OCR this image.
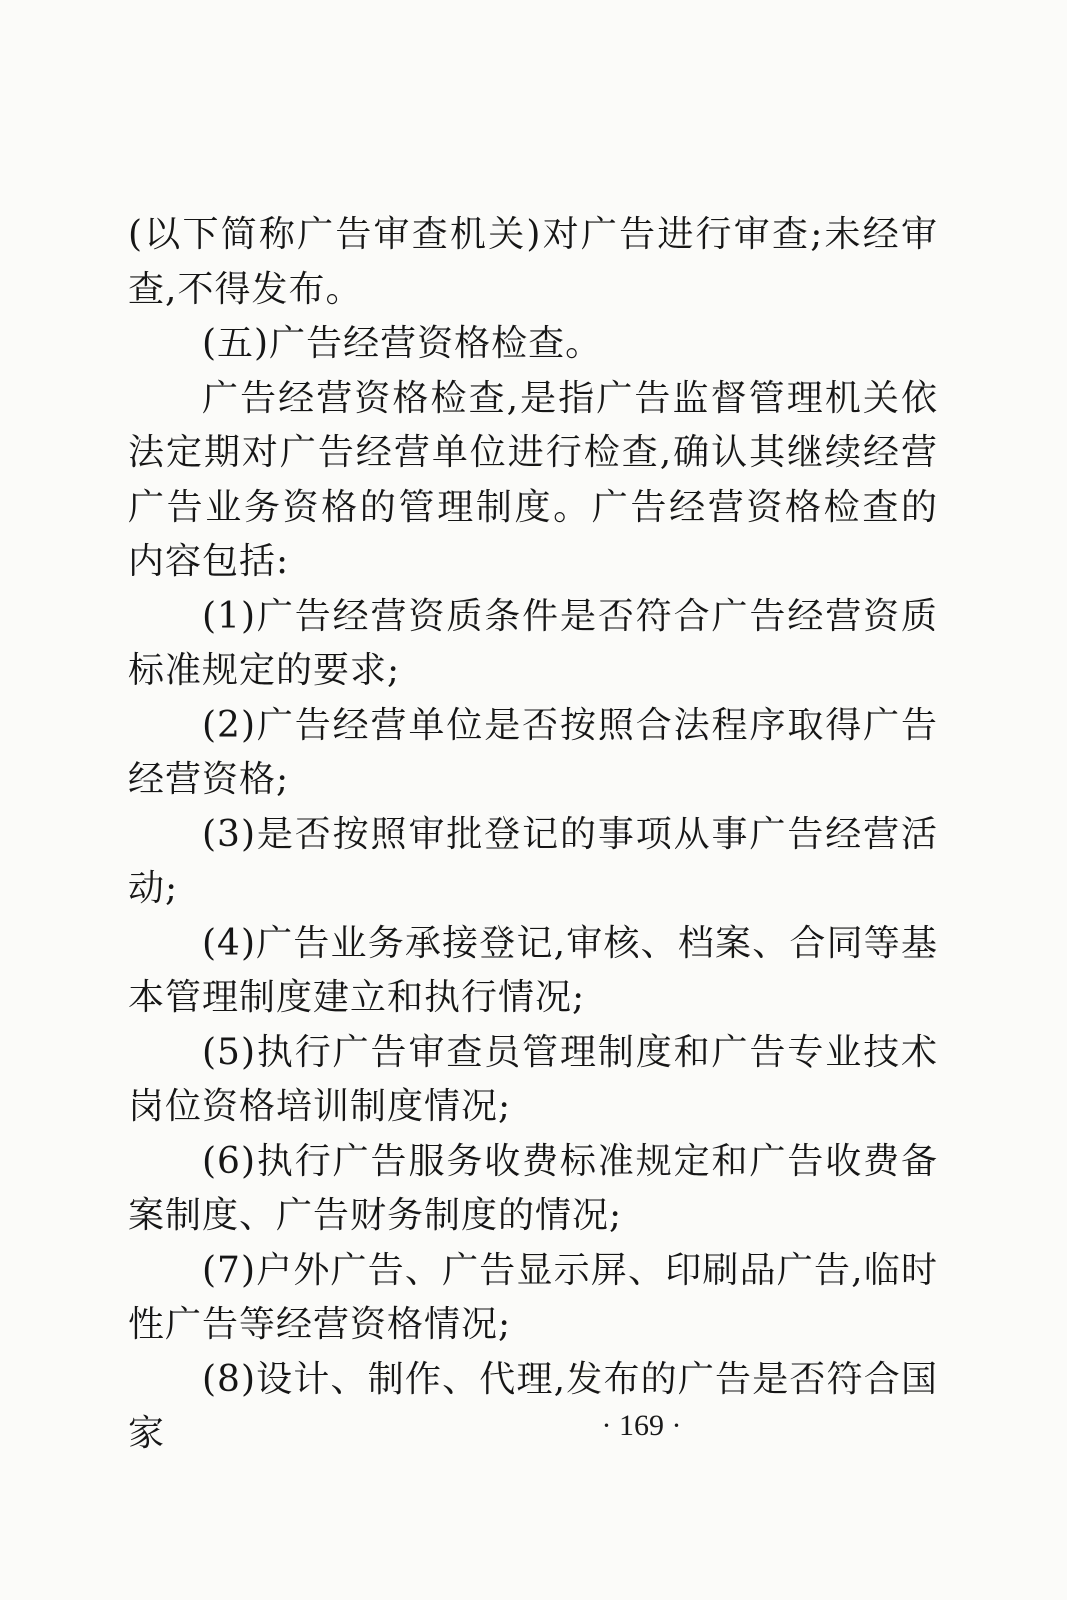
(以下简称广告审查机关)对广告进行审查;未经审查,不得发布。

(五)广告经营资格检查。

广告经营资格检查,是指广告监督管理机关依法定期对广告经营单位进行检查,确认其继续经营广告业务资格的管理制度。广告经营资格检查的内容包括:

(1)广告经营资质条件是否符合广告经营资质标准规定的要求;

(2)广告经营单位是否按照合法程序取得广告经营资格;

(3)是否按照审批登记的事项从事广告经营活动;

(4)广告业务承接登记,审核、档案、合同等基本管理制度建立和执行情况;

(5)执行广告审查员管理制度和广告专业技术岗位资格培训制度情况;

(6)执行广告服务收费标准规定和广告收费备案制度、广告财务制度的情况;

(7)户外广告、广告显示屏、印刷品广告,临时性广告等经营资格情况;

(8)设计、制作、代理,发布的广告是否符合国家	· 169 ·
